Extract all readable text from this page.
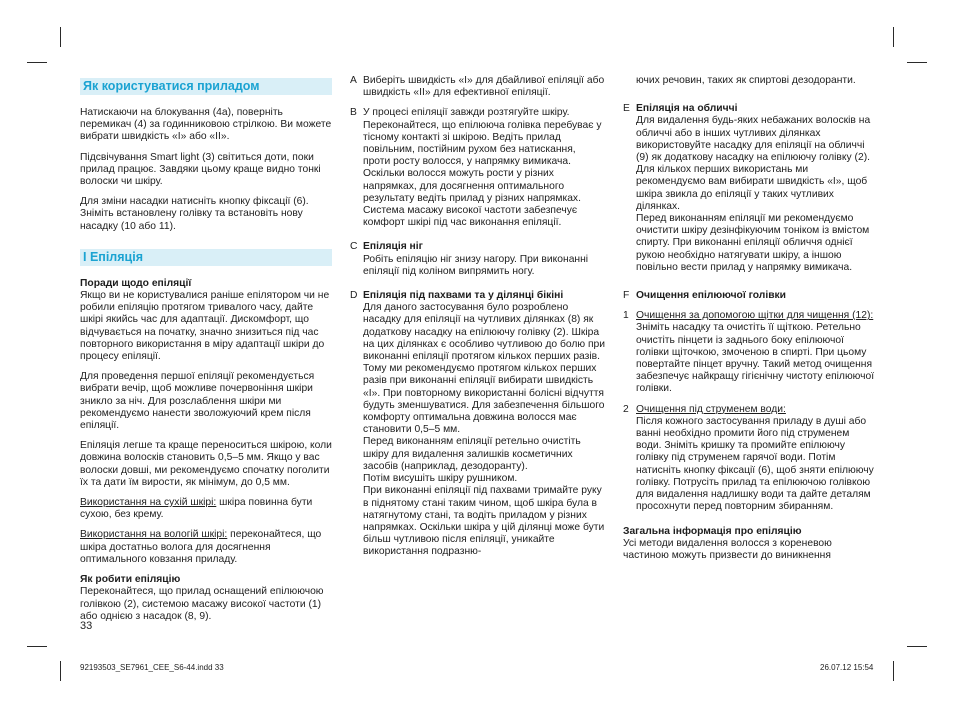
Як користуватися приладом

Натискаючи на блокування (4a), поверніть перемикач (4) за годинниковою стрілкою. Ви можете вибрати швидкість «I» або «II».

Підсвічування Smart light (3) світиться доти, поки прилад працює. Завдяки цьому краще видно тонкі волоски чи шкіру.

Для зміни насадки натисніть кнопку фіксації (6). Зніміть встановлену голівку та встановіть нову насадку (10 або 11).

I Епіляція
Поради щодо епіляції

Якщо ви не користувалися раніше епілятором чи не робили епіляцію протягом тривалого часу, дайте шкірі якийсь час для адаптації. Дискомфорт, що відчувається на початку, значно знизиться під час повторного використання в міру адаптації шкіри до процесу епіляції.

Для проведення першої епіляції рекомендується вибрати вечір, щоб можливе почервоніння шкіри зникло за ніч. Для розслаблення шкіри ми рекомендуємо нанести зволожуючий крем після епіляції.

Епіляція легше та краще переноситься шкірою, коли довжина волосків становить 0,5–5 мм. Якщо у вас волоски довші, ми рекомендуємо спочатку поголити їх та дати їм вирости, як мінімум, до 0,5 мм.

Використання на сухій шкірі: шкіра повинна бути сухою, без крему.

Використання на вологій шкірі: переконайтеся, що шкіра достатньо волога для досягнення оптимального ковзання приладу.

Як робити епіляцію

Переконайтеся, що прилад оснащений епілюючою голівкою (2), системою масажу високої частоти (1) або однією з насадок (8, 9).

33
A Виберіть швидкість «I» для дбайливої епіляції або швидкість «II» для ефективної епіляції.

B У процесі епіляції завжди розтягуйте шкіру. Переконайтеся, що епілююча голівка перебуває у тісному контакті зі шкірою. Ведіть прилад повільним, постійним рухом без натискання, проти росту волосся, у напрямку вимикача. Оскільки волосся можуть рости у різних напрямках, для досягнення оптимального результату ведіть прилад у різних напрямках. Система масажу високої частоти забезпечує комфорт шкірі під час виконання епіляції.

C Епіляція ніг

Робіть епіляцію ніг знизу нагору. При виконанні епіляції під коліном випрямить ногу.

D Епіляція під пахвами та у ділянці бікіні

Для даного застосування було розроблено насадку для епіляції на чутливих ділянках (8) як додаткову насадку на епілюючу голівку (2). Шкіра на цих ділянках є особливо чутливою до болю при виконанні епіляції протягом кількох перших разів. Тому ми рекомендуємо протягом кількох перших разів при виконанні епіляції вибирати швидкість «I». При повторному використанні болісні відчуття будуть зменшуватися. Для забезпечення більшого комфорту оптимальна довжина волосся має становити 0,5–5 мм.

Перед виконанням епіляції ретельно очистіть шкіру для видалення залишків косметичних засобів (наприклад, дезодоранту).

Потім висушіть шкіру рушником.

При виконанні епіляції під пахвами тримайте руку в піднятому стані таким чином, щоб шкіра була в натягнутому стані, та водіть приладом у різних напрямках. Оскільки шкіра у цій ділянці може бути більш чутливою після епіляції, уникайте використання подразню-

ючих речовин, таких як спиртові дезодоранти.

E Епіляція на обличчі

Для видалення будь-яких небажаних волосків на обличчі або в інших чутливих ділянках використовуйте насадку для епіляції на обличчі (9) як додаткову насадку на епілюючу голівку (2). Для кількох перших використань ми рекомендуємо вам вибирати швидкість «I», щоб шкіра звикла до епіляції у таких чутливих ділянках.

Перед виконанням епіляції ми рекомендуємо очистити шкіру дезінфікуючим тоніком із вмістом спирту. При виконанні епіляції обличчя однієї рукою необхідно натягувати шкіру, а іншою повільно вести прилад у напрямку вимикача.

F Очищення епілюючої голівки
1 Очищення за допомогою щітки для чищення (12):

Зніміть насадку та очистіть її щіткою. Ретельно очистіть пінцети із заднього боку епілюючої голівки щіточкою, змоченою в спирті. При цьому повертайте пінцет вручну. Такий метод очищення забезпечує найкращу гігієнічну чистоту епілюючої голівки.

2 Очищення під струменем води:

Після кожного застосування приладу в душі або ванні необхідно промити його під струменем води. Зніміть кришку та промийте епілюючу голівку під струменем гарячої води. Потім натисніть кнопку фіксації (6), щоб зняти епілюючу голівку. Потрусіть прилад та епілюючою голівкою для видалення надлишку води та дайте деталям просохнути перед повторним збиранням.

Загальна інформація про епіляцію

Усі методи видалення волосся з кореневою частиною можуть призвести до виникнення

92193503_SE7961_CEE_S6-44.indd 33	26.07.12 15:54
